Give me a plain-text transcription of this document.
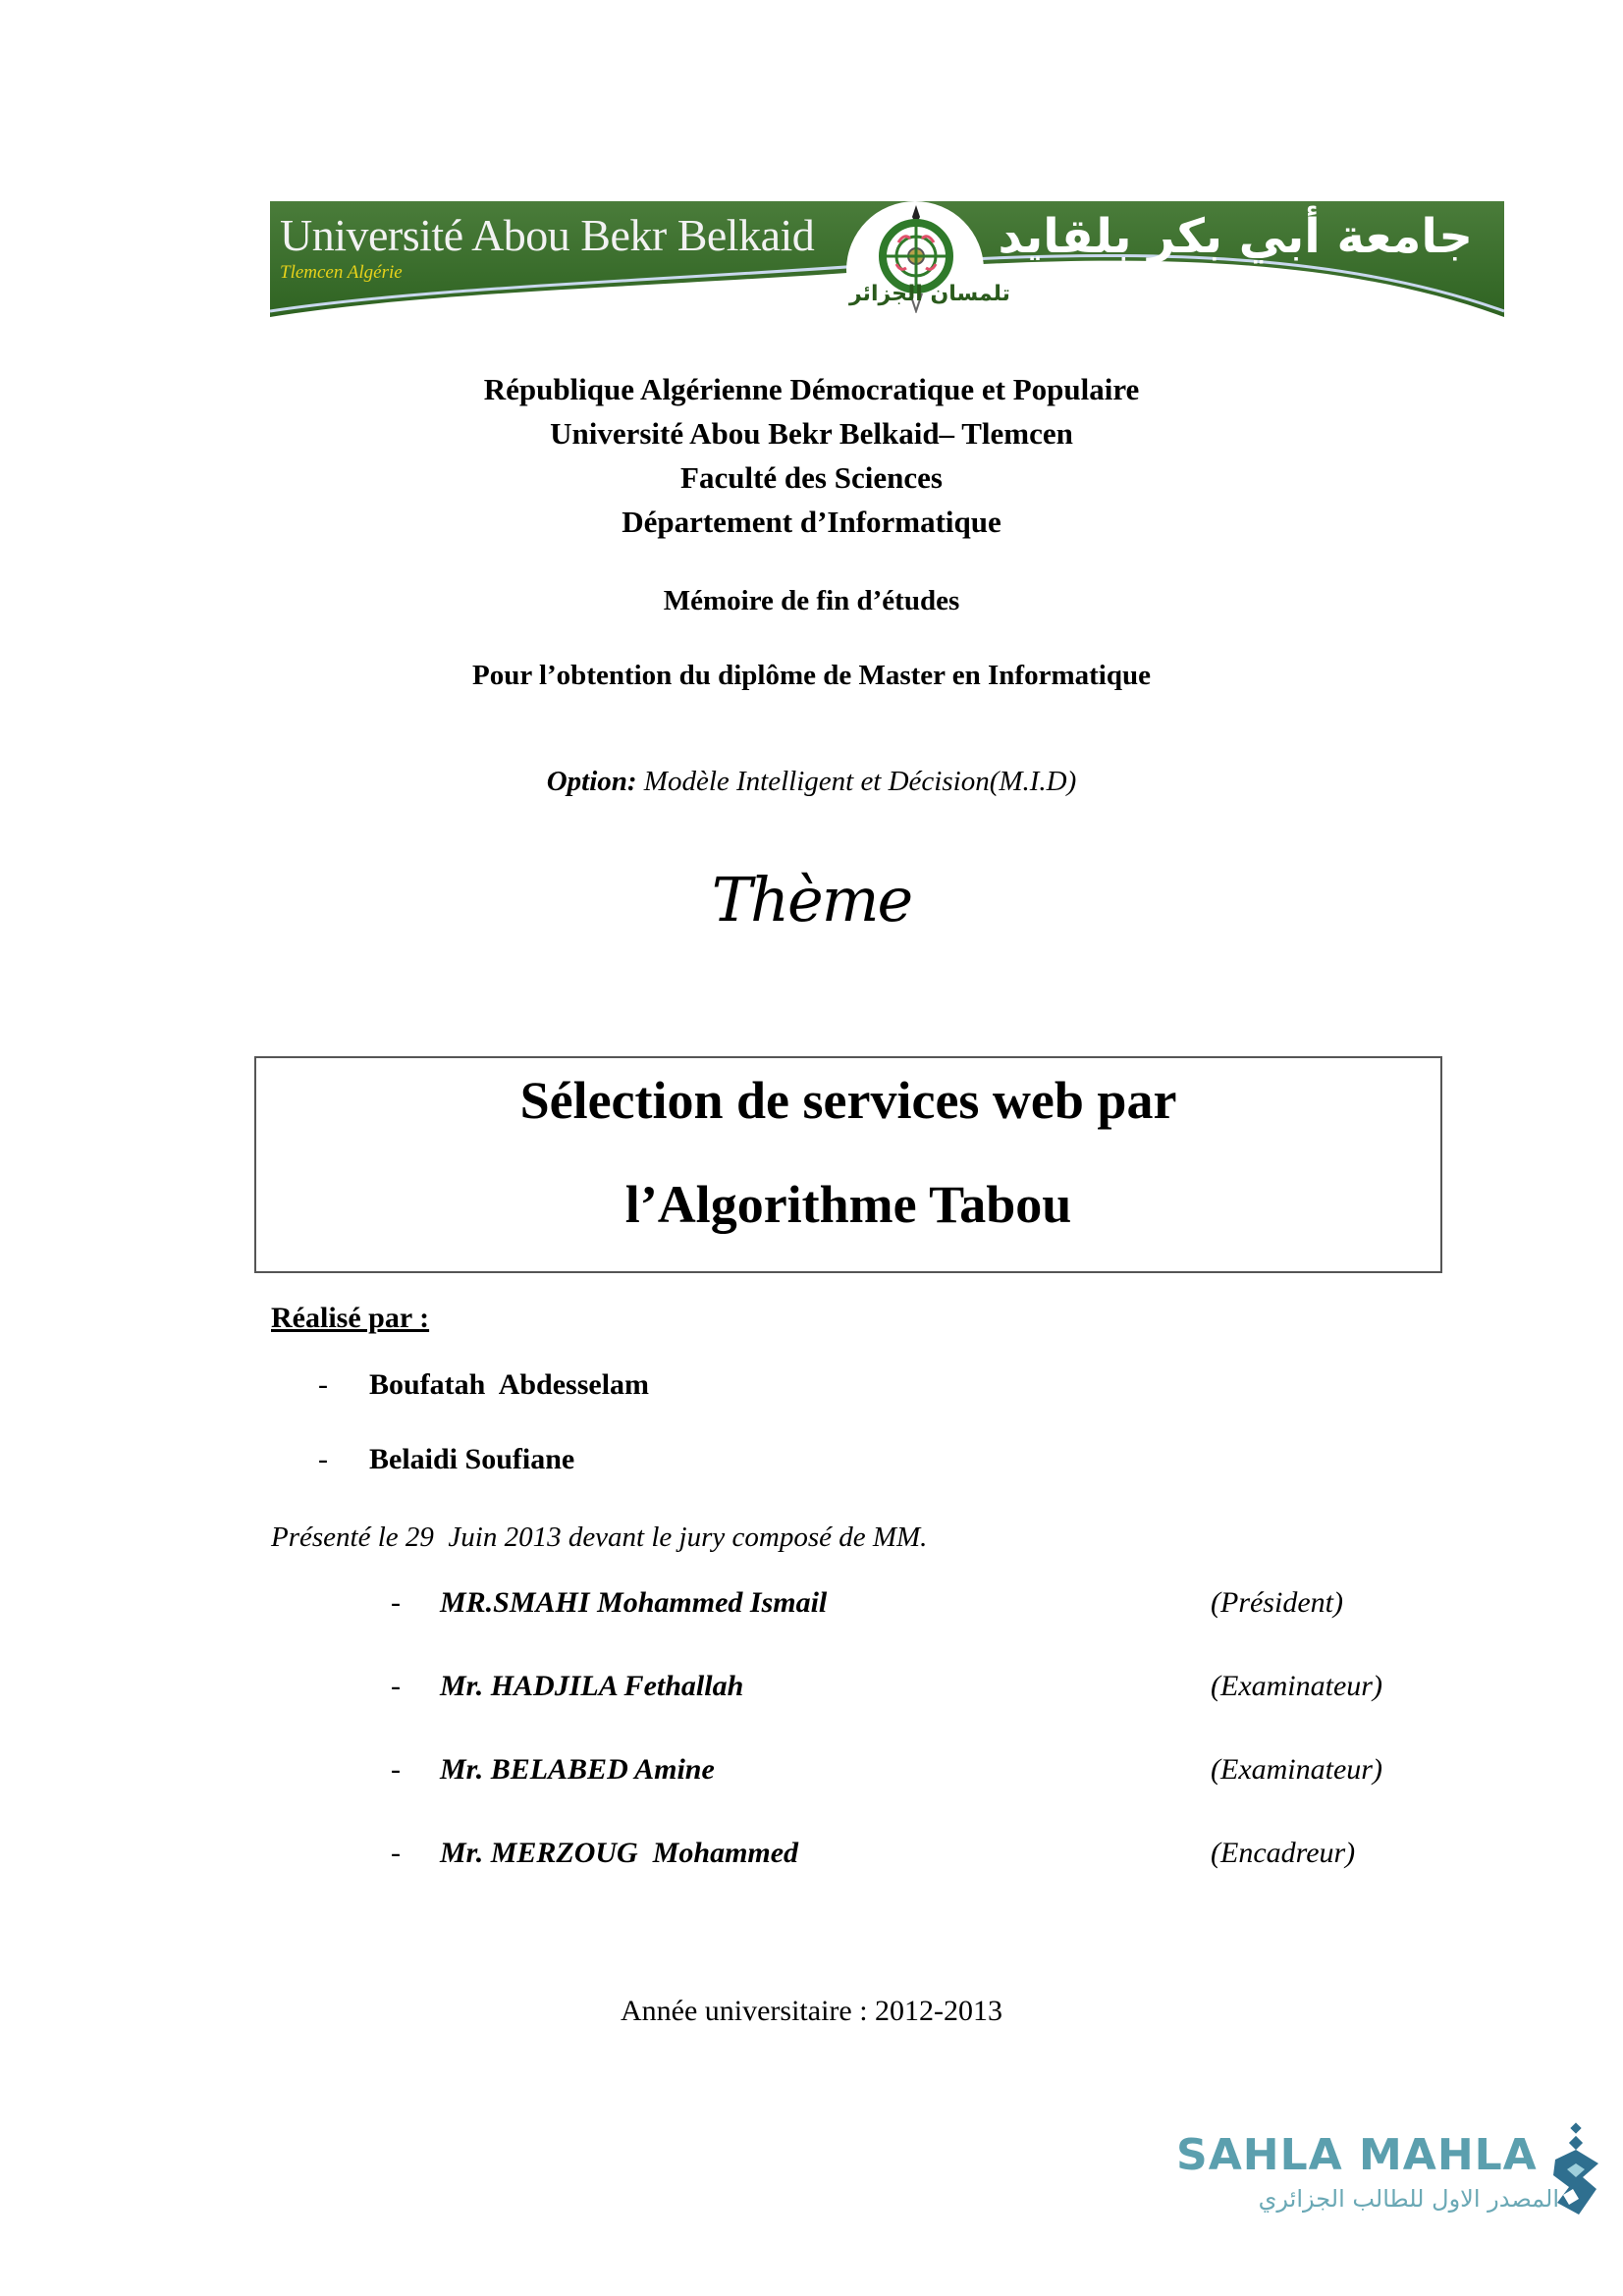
Université Abou Bekr Belkaid
Tlemcen Algérie
جامعة أبي بكر بلقايد
تلمسان الجزائر
République Algérienne Démocratique et Populaire
Université Abou Bekr Belkaid– Tlemcen
Faculté des Sciences
Département d’Informatique
Mémoire de fin d’études
Pour l’obtention du diplôme de Master en Informatique
Option: Modèle Intelligent et Décision(M.I.D)
Thème
Sélection de services web par
l’Algorithme Tabou
Réalisé par :
- Boufatah  Abdesselam
- Belaidi Soufiane
Présenté le 29  Juin 2013 devant le jury composé de MM.
- MR.SMAHI Mohammed Ismail	(Président)
- Mr. HADJILA Fethallah	(Examinateur)
- Mr. BELABED Amine	(Examinateur)
- Mr. MERZOUG  Mohammed	(Encadreur)
Année universitaire : 2012-2013
SAHLA MAHLA
المصدر الاول للطالب الجزائري
